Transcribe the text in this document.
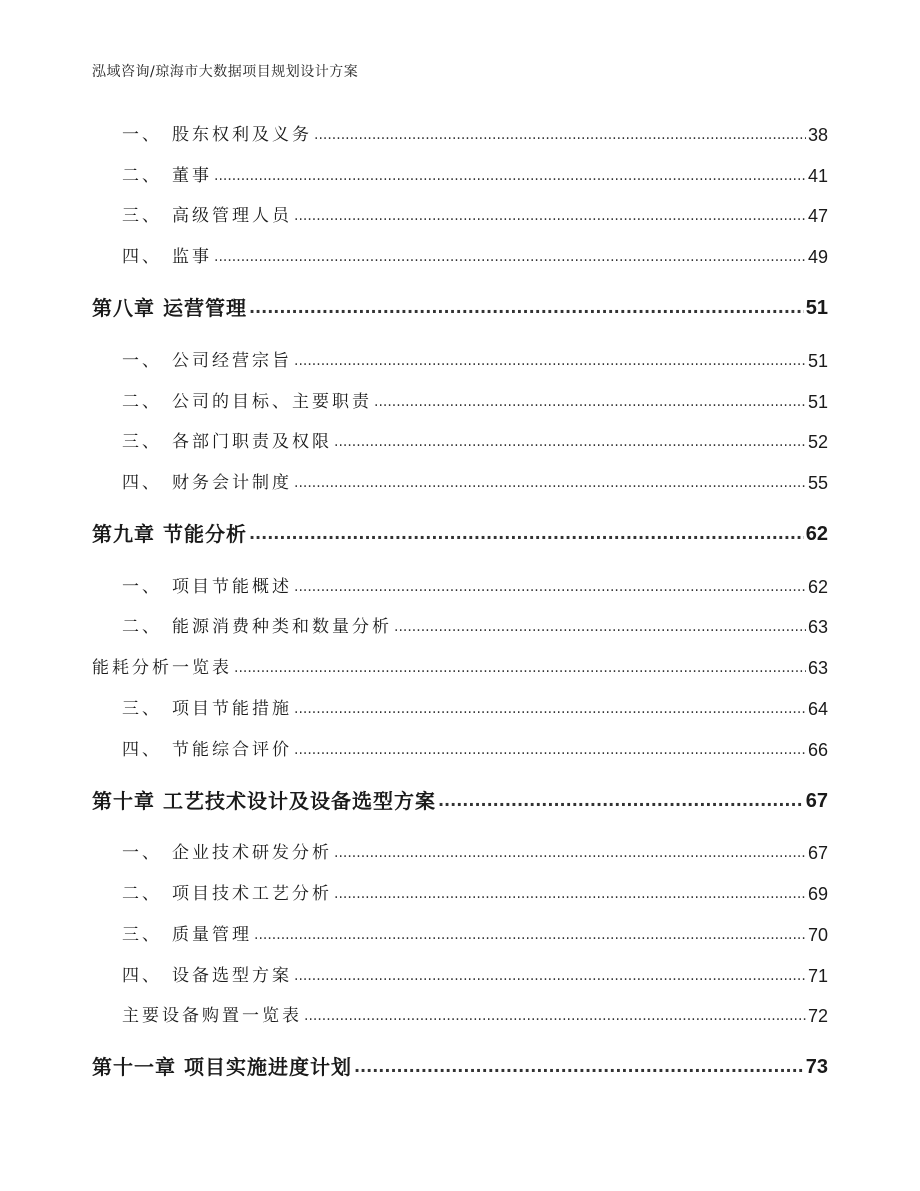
泓域咨询/琼海市大数据项目规划设计方案
一、 股东权利及义务 .....	38
二、 董事 .....	41
三、 高级管理人员 .....	47
四、 监事 .....	49
第八章 运营管理 .....	51
一、 公司经营宗旨 .....	51
二、 公司的目标、主要职责 .....	51
三、 各部门职责及权限 .....	52
四、 财务会计制度 .....	55
第九章 节能分析 .....	62
一、 项目节能概述 .....	62
二、 能源消费种类和数量分析 .....	63
能耗分析一览表 .....	63
三、 项目节能措施 .....	64
四、 节能综合评价 .....	66
第十章 工艺技术设计及设备选型方案 .....	67
一、 企业技术研发分析 .....	67
二、 项目技术工艺分析 .....	69
三、 质量管理 .....	70
四、 设备选型方案 .....	71
主要设备购置一览表 .....	72
第十一章 项目实施进度计划 .....	73
